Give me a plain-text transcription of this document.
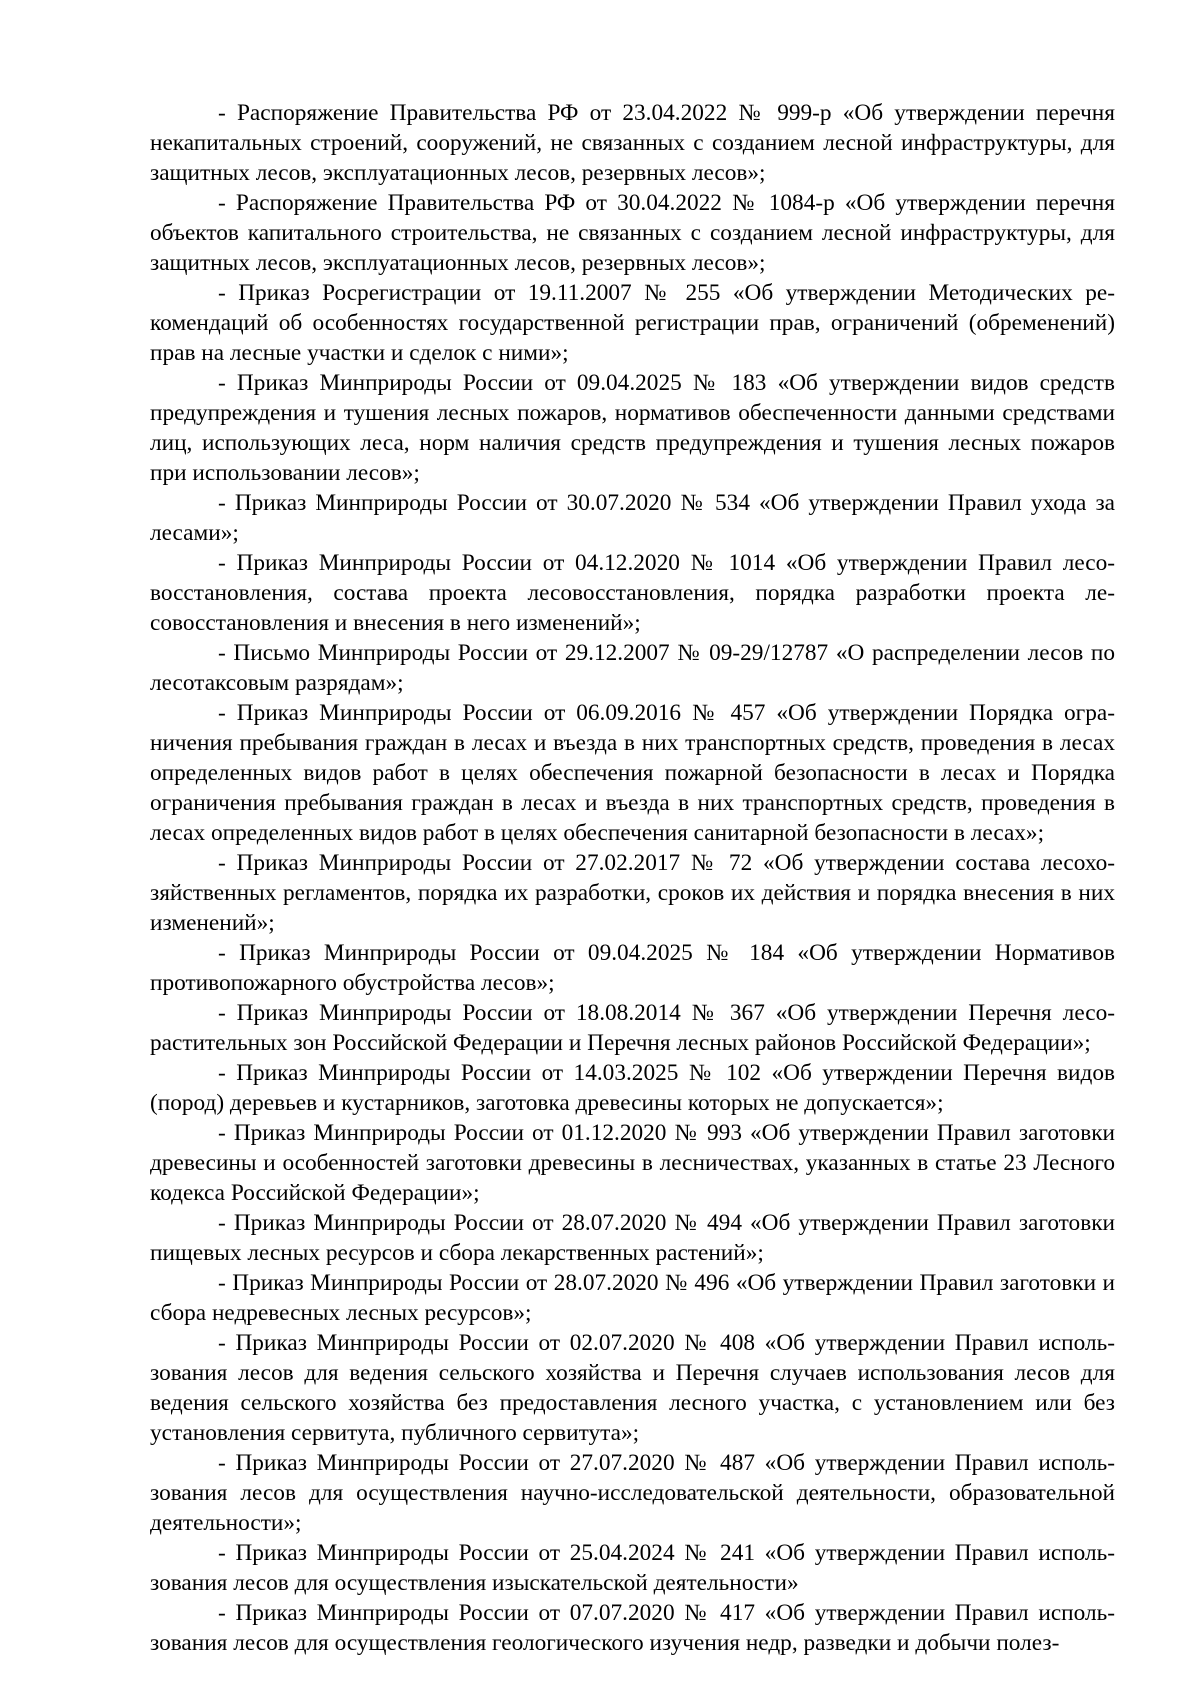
- Распоряжение Правительства РФ от 23.04.2022 № 999-р «Об утверждении перечня некапитальных строений, сооружений, не связанных с созданием лесной инфраструктуры, для защитных лесов, эксплуатационных лесов, резервных лесов»;

- Распоряжение Правительства РФ от 30.04.2022 № 1084-р «Об утверждении перечня объектов капитального строительства, не связанных с созданием лесной инфраструктуры, для защитных лесов, эксплуатационных лесов, резервных лесов»;

- Приказ Росрегистрации от 19.11.2007 № 255 «Об утверждении Методических рекомендаций об особенностях государственной регистрации прав, ограничений (обременений) прав на лесные участки и сделок с ними»;

- Приказ Минприроды России от 09.04.2025 № 183 «Об утверждении видов средств предупреждения и тушения лесных пожаров, нормативов обеспеченности данными средствами лиц, использующих леса, норм наличия средств предупреждения и тушения лесных пожаров при использовании лесов»;

- Приказ Минприроды России от 30.07.2020 № 534 «Об утверждении Правил ухода за лесами»;

- Приказ Минприроды России от 04.12.2020 № 1014 «Об утверждении Правил лесовосстановления, состава проекта лесовосстановления, порядка разработки проекта лесовосстановления и внесения в него изменений»;

- Письмо Минприроды России от 29.12.2007 № 09-29/12787 «О распределении лесов по лесотаксовым разрядам»;

- Приказ Минприроды России от 06.09.2016 № 457 «Об утверждении Порядка ограничения пребывания граждан в лесах и въезда в них транспортных средств, проведения в лесах определенных видов работ в целях обеспечения пожарной безопасности в лесах и Порядка ограничения пребывания граждан в лесах и въезда в них транспортных средств, проведения в лесах определенных видов работ в целях обеспечения санитарной безопасности в лесах»;

- Приказ Минприроды России от 27.02.2017 № 72 «Об утверждении состава лесохозяйственных регламентов, порядка их разработки, сроков их действия и порядка внесения в них изменений»;

- Приказ Минприроды России от 09.04.2025 № 184 «Об утверждении Нормативов противопожарного обустройства лесов»;

- Приказ Минприроды России от 18.08.2014 № 367 «Об утверждении Перечня лесорастительных зон Российской Федерации и Перечня лесных районов Российской Федерации»;

- Приказ Минприроды России от 14.03.2025 № 102 «Об утверждении Перечня видов (пород) деревьев и кустарников, заготовка древесины которых не допускается»;

- Приказ Минприроды России от 01.12.2020 № 993 «Об утверждении Правил заготовки древесины и особенностей заготовки древесины в лесничествах, указанных в статье 23 Лесного кодекса Российской Федерации»;

- Приказ Минприроды России от 28.07.2020 № 494 «Об утверждении Правил заготовки пищевых лесных ресурсов и сбора лекарственных растений»;

- Приказ Минприроды России от 28.07.2020 № 496 «Об утверждении Правил заготовки и сбора недревесных лесных ресурсов»;

- Приказ Минприроды России от 02.07.2020 № 408 «Об утверждении Правил использования лесов для ведения сельского хозяйства и Перечня случаев использования лесов для ведения сельского хозяйства без предоставления лесного участка, с установлением или без установления сервитута, публичного сервитута»;

- Приказ Минприроды России от 27.07.2020 № 487 «Об утверждении Правил использования лесов для осуществления научно-исследовательской деятельности, образовательной деятельности»;

- Приказ Минприроды России от 25.04.2024 № 241 «Об утверждении Правил использования лесов для осуществления изыскательской деятельности»

- Приказ Минприроды России от 07.07.2020 № 417 «Об утверждении Правил использования лесов для осуществления геологического изучения недр, разведки и добычи полез-
